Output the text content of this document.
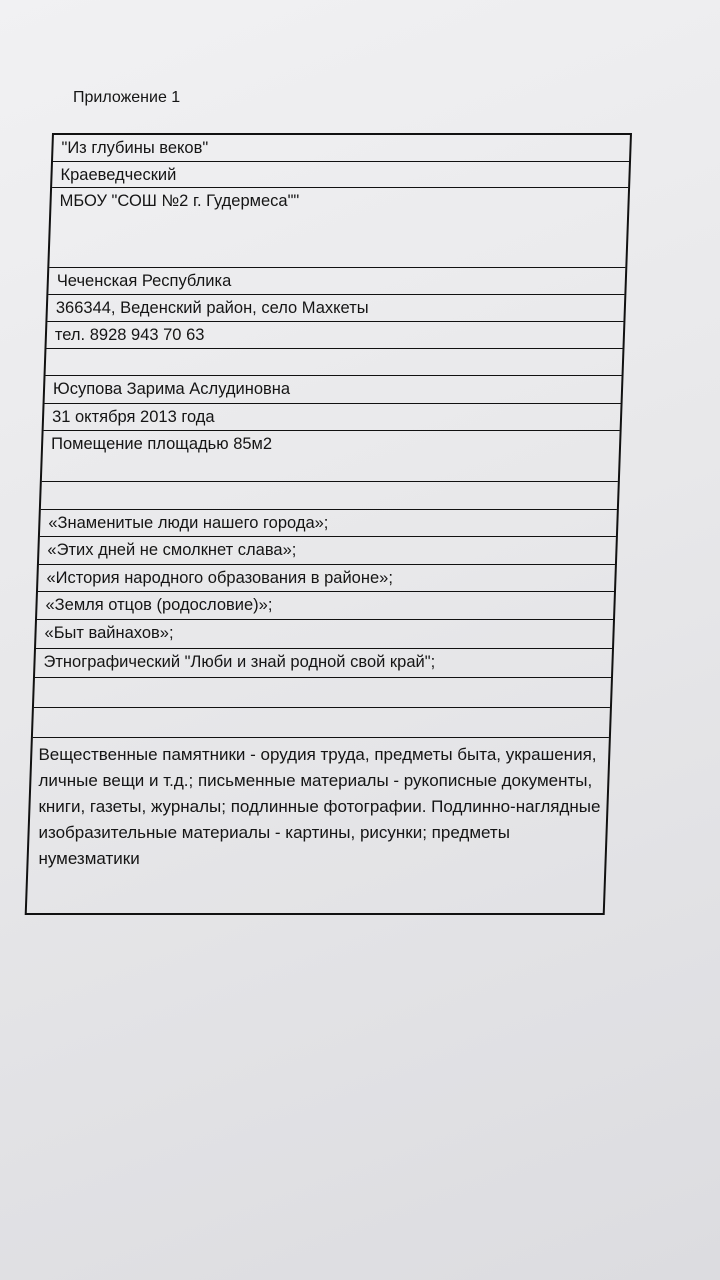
Приложение 1
"Из глубины веков"
Краеведческий
МБОУ "СОШ №2 г. Гудермеса""
Чеченская Республика
366344, Веденский район, село Махкеты
тел. 8928 943 70 63
Юсупова Зарима Аслудиновна
31 октября 2013 года
Помещение площадью 85м2
«Знаменитые люди нашего города»;
«Этих дней не смолкнет слава»;
«История народного образования в районе»;
«Земля отцов (родословие)»;
«Быт вайнахов»;
Этнографический "Люби и знай родной свой край";
Вещественные памятники - орудия труда, предметы быта, украшения, личные вещи и т.д.; письменные материалы - рукописные документы, книги, газеты, журналы; подлинные фотографии. Подлинно-наглядные изобразительные материалы - картины, рисунки; предметы нумезматики
